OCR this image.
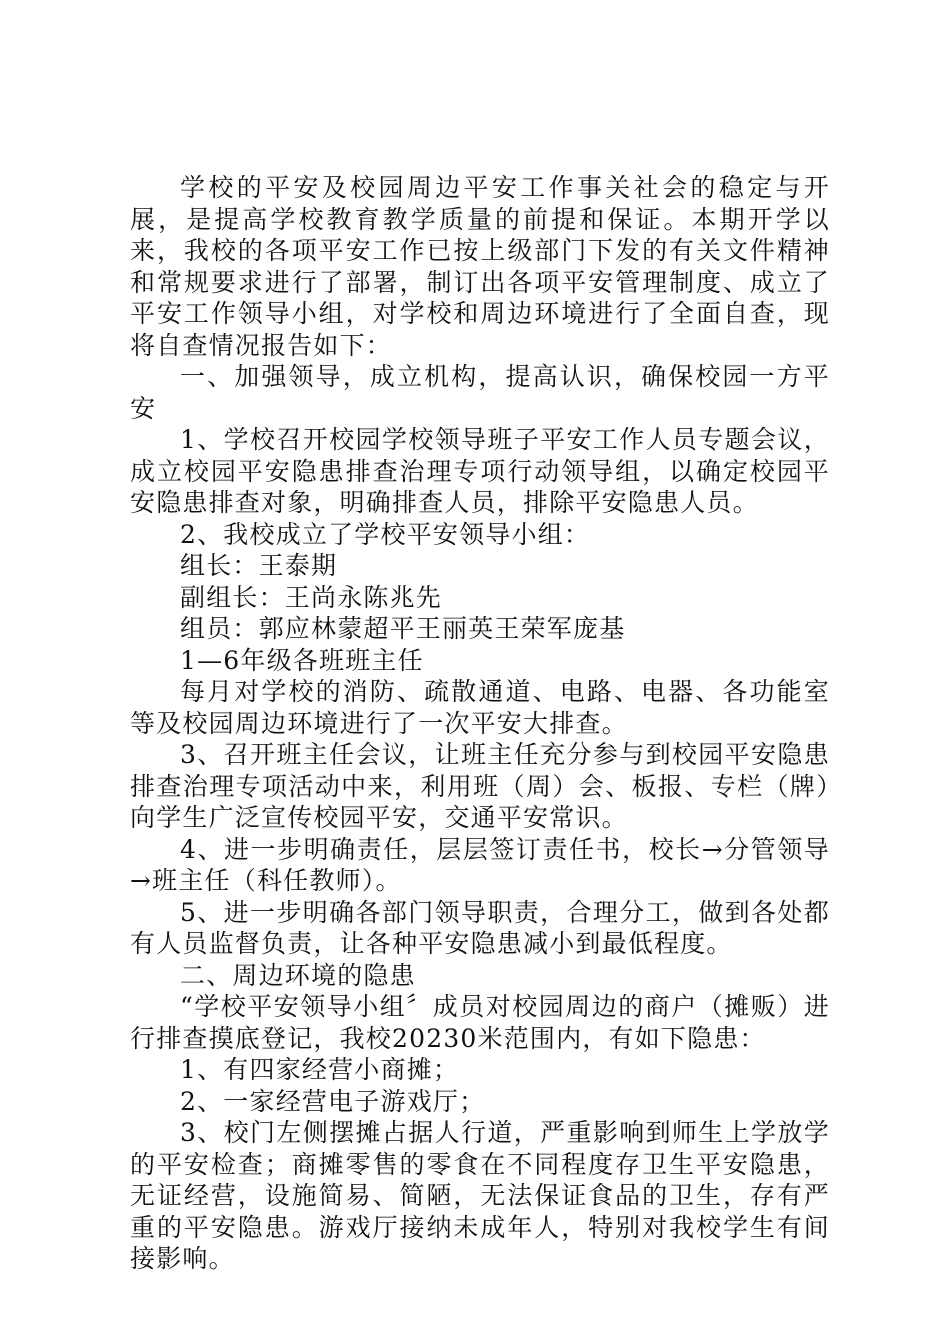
学校的平安及校园周边平安工作事关社会的稳定与开展，是提高学校教育教学质量的前提和保证。本期开学以来，我校的各项平安工作已按上级部门下发的有关文件精神和常规要求进行了部署，制订出各项平安管理制度、成立了平安工作领导小组，对学校和周边环境进行了全面自查，现将自查情况报告如下：

一、加强领导，成立机构，提高认识，确保校园一方平安

1、学校召开校园学校领导班子平安工作人员专题会议，成立校园平安隐患排查治理专项行动领导组，以确定校园平安隐患排查对象，明确排查人员，排除平安隐患人员。

2、我校成立了学校平安领导小组：

组长：王泰期

副组长：王尚永陈兆先

组员：郭应林蒙超平王丽英王荣军庞基

1—6年级各班班主任

每月对学校的消防、疏散通道、电路、电器、各功能室等及校园周边环境进行了一次平安大排查。

3、召开班主任会议，让班主任充分参与到校园平安隐患排查治理专项活动中来，利用班（周）会、板报、专栏（牌）向学生广泛宣传校园平安，交通平安常识。

4、进一步明确责任，层层签订责任书，校长→分管领导→班主任（科任教师）。

5、进一步明确各部门领导职责，合理分工，做到各处都有人员监督负责，让各种平安隐患减小到最低程度。

二、周边环境的隐患

“学校平安领导小组〞成员对校园周边的商户（摊贩）进行排查摸底登记，我校20230米范围内，有如下隐患：

1、有四家经营小商摊；

2、一家经营电子游戏厅；

3、校门左侧摆摊占据人行道，严重影响到师生上学放学的平安检查；商摊零售的零食在不同程度存卫生平安隐患，无证经营，设施简易、简陋，无法保证食品的卫生，存有严重的平安隐患。游戏厅接纳未成年人，特别对我校学生有间接影响。
